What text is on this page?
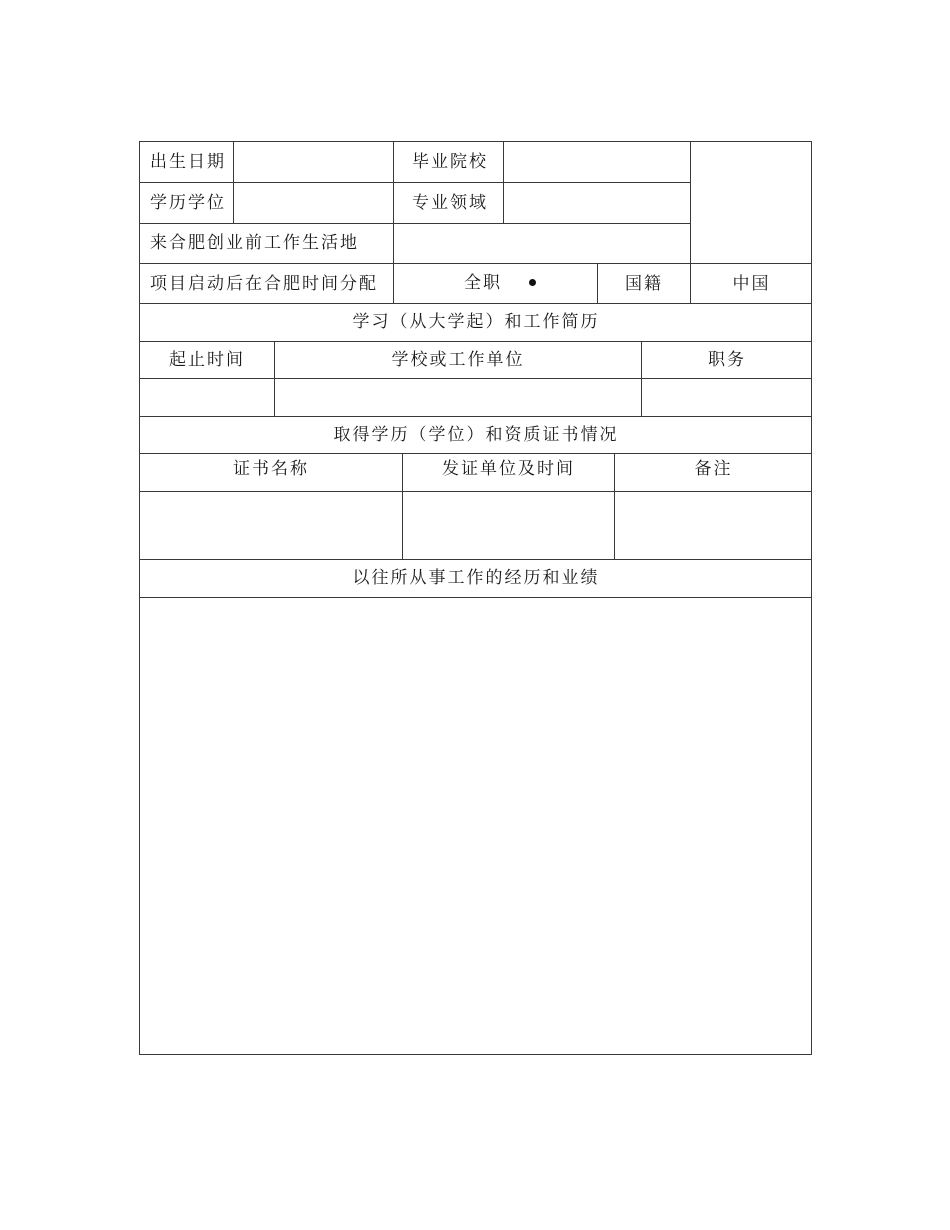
出生日期	毕业院校
学历学位	专业领域
来合肥创业前工作生活地
项目启动后在合肥时间分配	全职	国籍	中国
学习（从大学起）和工作简历
起止时间	学校或工作单位	职务
取得学历（学位）和资质证书情况
证书名称	发证单位及时间	备注
以往所从事工作的经历和业绩
